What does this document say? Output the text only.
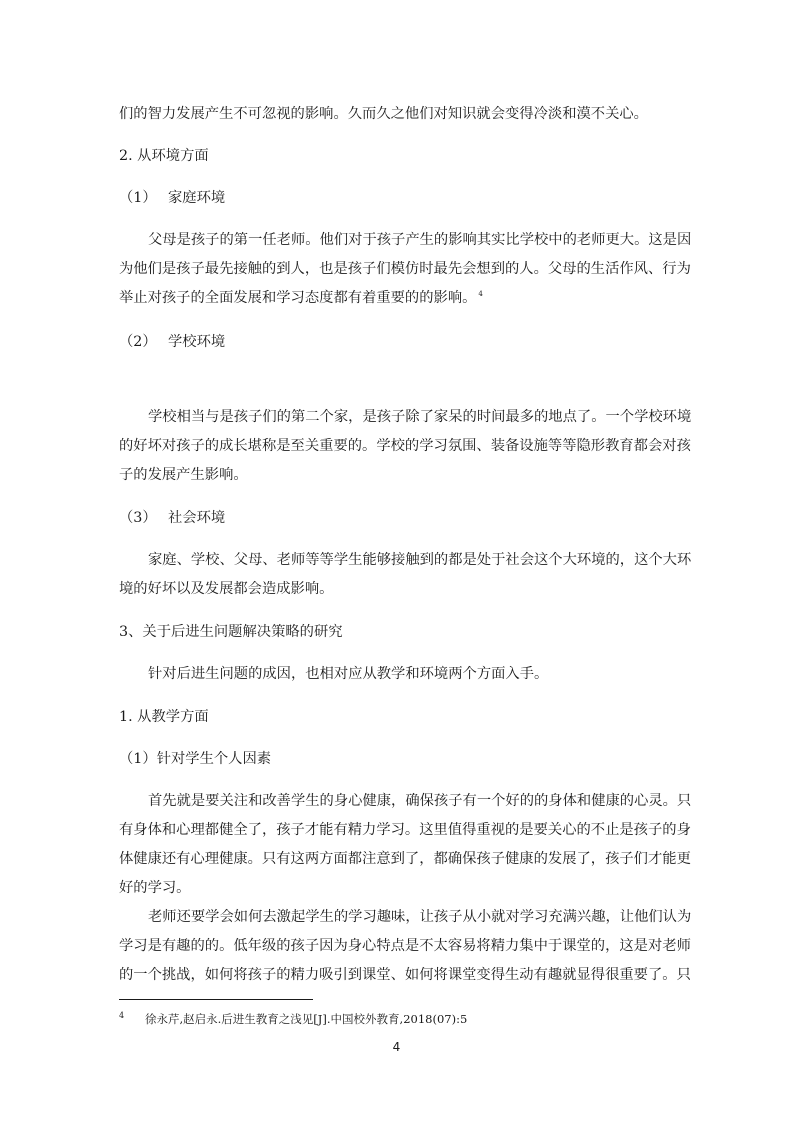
们的智力发展产生不可忽视的影响。久而久之他们对知识就会变得冷淡和漠不关心。
2. 从环境方面
（1） 家庭环境
父母是孩子的第一任老师。他们对于孩子产生的影响其实比学校中的老师更大。这是因
为他们是孩子最先接触的到人，也是孩子们模仿时最先会想到的人。父母的生活作风、行为
举止对孩子的全面发展和学习态度都有着重要的的影响。 $^4$
（2） 学校环境
学校相当与是孩子们的第二个家，是孩子除了家呆的时间最多的地点了。一个学校环境
的好坏对孩子的成长堪称是至关重要的。学校的学习氛围、装备设施等等隐形教育都会对孩
子的发展产生影响。
（3） 社会环境
家庭、学校、父母、老师等等学生能够接触到的都是处于社会这个大环境的，这个大环
境的好坏以及发展都会造成影响。
3、关于后进生问题解决策略的研究
针对后进生问题的成因，也相对应从教学和环境两个方面入手。
1. 从教学方面
（1）针对学生个人因素
首先就是要关注和改善学生的身心健康，确保孩子有一个好的的身体和健康的心灵。只
有身体和心理都健全了，孩子才能有精力学习。这里值得重视的是要关心的不止是孩子的身
体健康还有心理健康。只有这两方面都注意到了，都确保孩子健康的发展了，孩子们才能更
好的学习。
老师还要学会如何去激起学生的学习趣味，让孩子从小就对学习充满兴趣，让他们认为
学习是有趣的的。低年级的孩子因为身心特点是不太容易将精力集中于课堂的，这是对老师
的一个挑战，如何将孩子的精力吸引到课堂、如何将课堂变得生动有趣就显得很重要了。只
4 徐永芹,赵启永.后进生教育之浅见[J].中国校外教育,2018(07):5
4
